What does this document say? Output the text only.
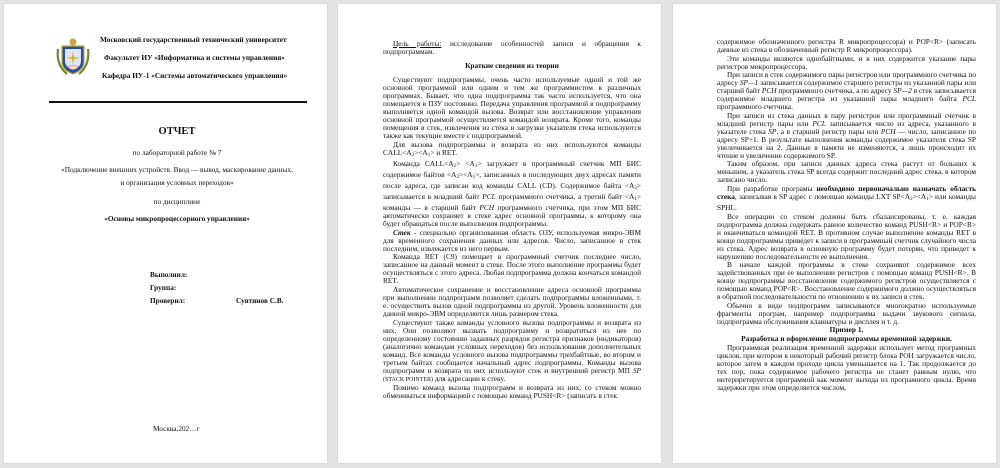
Московский государственный технический университет
Факультет ИУ «Информатика и системы управления»
Кафедра ИУ-1 «Системы автоматического управления»
ОТЧЕТ
по лабораторной работе № 7
«Подключение внешних устройств. Ввод — вывод, маскирование данных,
и организация условных переходов»
по дисциплине
«Основы микропроцессорного управления»
Выполнил:
Группа:
Проверил:	Суятинов С.В.
Москва,202…г

Цель работы: исследование особенностей записи и обращения к подпрограммам.

Краткие сведения из теории

Существуют подпрограммы, очень часто используемые одной и той же основной программой или одним и тем же программистом в различных программах. Бывает, что одна подпрограмма так часто используется, что она помещается в ПЗУ постоянно. Передача управления программой в подпрограмму выполняется одной командой вызова. Возврат или восстановление управления основной программой осуществляется командой возврата. Кроме того, команды помещения в стек, извлечения из стека и загрузки указателя стека используются также как текущие вместе с подпрограммой.

Для вызова подпрограммы и возврата из них используются команды CALL<A2><A1> и RET.

Команда CALL<A2> <A1> загружает в программный счетчик МП БИС содержимое байтов <A2><A1>, записанных в последующих двух адресах памяти после адреса, где записан код команды CALL (CD). Содержимое байта <A2> записывается в младший байт PCL программного счетчика, а третий байт <A1> команды — в старший байт PCH программного счетчика, при этом МП БИС автоматически сохраняет в стеке адрес основной программы, к которому она будет обращаться после выполнения подпрограммы.

Стек - специально организованная область ОЗУ, используемая микро-ЭВМ для временного сохранения данных или адресов. Число, записанное в стек последним, извлекается из него первым.

Команда RET (C9) помещает в программный счетчик последнее число, записанное на данный момент в стеке. После этого выполнение программы будет осуществляться с этого адреса. Любая подпрограмма должна кончаться командой RET.

Автоматическое сохранение и восстановление адреса основной программы при выполнении подпрограмм позволяет сделать подпрограммы вложенными, т. е. осуществить вызов одной подпрограммы из другой. Уровень вложенности для данной микро-ЭВМ определяется лишь размером стека.

Существуют также команды условного вызова подпрограммы и возврата из них. Они позволяют вызвать подпрограмму и возвратиться из нее по определенному состоянию заданных разрядов регистра признаков (индикаторов) (аналогично командам условных переходов) без использования дополнительных команд. Все команды условного вызова подпрограммы трехбайтные, во втором и третьем байтах сообщается начальный адрес подпрограммы. Команды вызова подпрограмм и возврата из них используют стек и внутренний регистр МП SP (STACK POINTER) для адресации к стеку.

Помимо команд вызова подпрограмм и возврата из них, со стеком можно обмениваться информацией с помощью команд PUSH<R> (записать в стек

содержимое обозначенного регистра R микропроцессора) и POP<R> (записать данные из стека в обозначенный регистр R микропроцессора).

Эти команды являются однобайтными, и в них содержится указание пары регистров микропроцессора.

При записи в стек содержимого пары регистров или программного счетчика по адресу SP—1 записывается содержимое старшего регистра из указанной пары или старший байт PCH программного счетчика, а по адресу SP—2 в стек записывается содержимое младшего регистра из указанной пары младшего байта PCL программного счетчика.

При записи из стека данных в пару регистров или программный счетчик в младший регистр пары или PCL записывается число из адреса, указанного в указателе стека SP, а в старший регистр пары или PCH — число, записанное по адресу SP+1. В результате выполнения команды содержимое указателя стека SP увеличивается на 2. Данные в памяти не изменяются, а лишь происходит их чтение и увеличение содержимого SP.

Таким образом, при записи данных адреса стека растут от больших к меньшим, а указатель стека SP всегда содержит последний адрес стека, в котором записано число.

При разработке програмы необходимо первоначально назначать область стека, записывая в SP адрес с помощью команды LXT SP<A2><A1> или команды SPHL.

Все операции со стеком должны быть сбалансированы, т. е. каждая подпрограмма должна содержать равное количество команд PUSH<R> и POP<R> и оканчиваться командой RET. В противном случае выполнение команды RET в конце подпрограммы приведет к записи в программный счетчик случайного числа из стека. Адрес возврата в основную программу будет потерян, что приведет к нарушению последовательности ее выполнения.

В начале каждой программы в стеке сохраняют содержимое всех задействованных при ее выполнении регистров с помощью команд PUSH<R>. В конце подпрограммы восстановление содержимого регистров осуществляется с помощью команд POP<R>. Восстановление содержимого должно осуществляться в обратной последовательности по отношению к их записи в стек.

Обычно в виде подпрограмм записываются многократно используемые фрагменты програм, например подпрограмма выдачи звукового сигнала, подпрограмма обслуживания клавиатуры и дисплея и т. д.

Пример 1.

Разработка и оформление подпрограммы временной задержки.

Программная реализация временной задержки использует метод програмных циклов, при котором в некоторый рабочий регистр блока РОН загружается число, которое затем в каждом проходе цикла уменьшается на 1. Так продолжается до тех пор, пока содержимое рабочего регистра не станет равным нулю, что интерпретируется программой как момент выхода из програмного цикла. Время задержки при этом определяется числом,
